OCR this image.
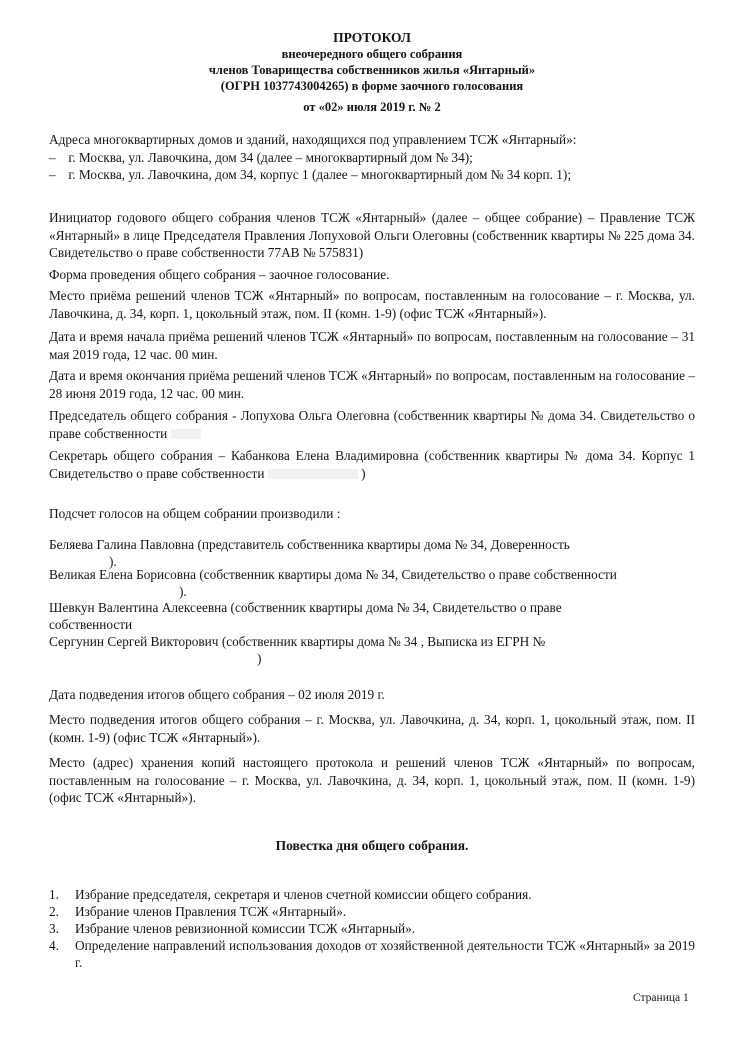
ПРОТОКОЛ
внеочередного общего собрания
членов Товарищества собственников жилья «Янтарный»
(ОГРН 1037743004265) в форме заочного голосования
от «02» июля 2019 г. № 2

Адреса многоквартирных домов и зданий, находящихся под управлением ТСЖ «Янтарный»:

– г. Москва, ул. Лавочкина, дом 34 (далее – многоквартирный дом № 34);

– г. Москва, ул. Лавочкина, дом 34, корпус 1 (далее – многоквартирный дом № 34 корп. 1);

Инициатор годового общего собрания членов ТСЖ «Янтарный» (далее – общее собрание) – Правление ТСЖ «Янтарный» в лице Председателя Правления Лопуховой Ольги Олеговны (собственник квартиры № 225 дома 34. Свидетельство о праве собственности 77АВ № 575831)
Форма проведения общего собрания – заочное голосование.
Место приёма решений членов ТСЖ «Янтарный» по вопросам, поставленным на голосование – г. Москва, ул. Лавочкина, д. 34, корп. 1, цокольный этаж, пом. II (комн. 1-9) (офис ТСЖ «Янтарный»).
Дата и время начала приёма решений членов ТСЖ «Янтарный» по вопросам, поставленным на голосование – 31 мая 2019 года, 12 час. 00 мин.
Дата и время окончания приёма решений членов ТСЖ «Янтарный» по вопросам, поставленным на голосование – 28 июня 2019 года, 12 час. 00 мин.
Председатель общего собрания - Лопухова Ольга Олеговна (собственник квартиры № дома 34. Свидетельство о праве собственности
Секретарь общего собрания – Кабанкова Елена Владимировна (собственник квартиры № дома 34. Корпус 1 Свидетельство о праве собственности	)
Подсчет голосов на общем собрании производили :
Беляева Галина Павловна (представитель собственника квартиры дома № 34, Доверенность
).
Великая Елена Борисовна (собственник квартиры дома № 34, Свидетельство о праве собственности
).
Шевкун Валентина Алексеевна (собственник квартиры дома № 34, Свидетельство о праве
собственности
Сергунин Сергей Викторович (собственник квартиры дома № 34 , Выписка из ЕГРН №
)
Дата подведения итогов общего собрания – 02 июля 2019 г.
Место подведения итогов общего собрания – г. Москва, ул. Лавочкина, д. 34, корп. 1, цокольный этаж, пом. II (комн. 1-9) (офис ТСЖ «Янтарный»).
Место (адрес) хранения копий настоящего протокола и решений членов ТСЖ «Янтарный» по вопросам, поставленным на голосование – г. Москва, ул. Лавочкина, д. 34, корп. 1, цокольный этаж, пом. II (комн. 1-9) (офис ТСЖ «Янтарный»).
Повестка дня общего собрания.
1.	Избрание председателя, секретаря и членов счетной комиссии общего собрания.
2.	Избрание членов Правления ТСЖ «Янтарный».
3.	Избрание членов ревизионной комиссии ТСЖ «Янтарный».
4.	Определение направлений использования доходов от хозяйственной деятельности ТСЖ «Янтарный» за 2019 г.
Страница 1
